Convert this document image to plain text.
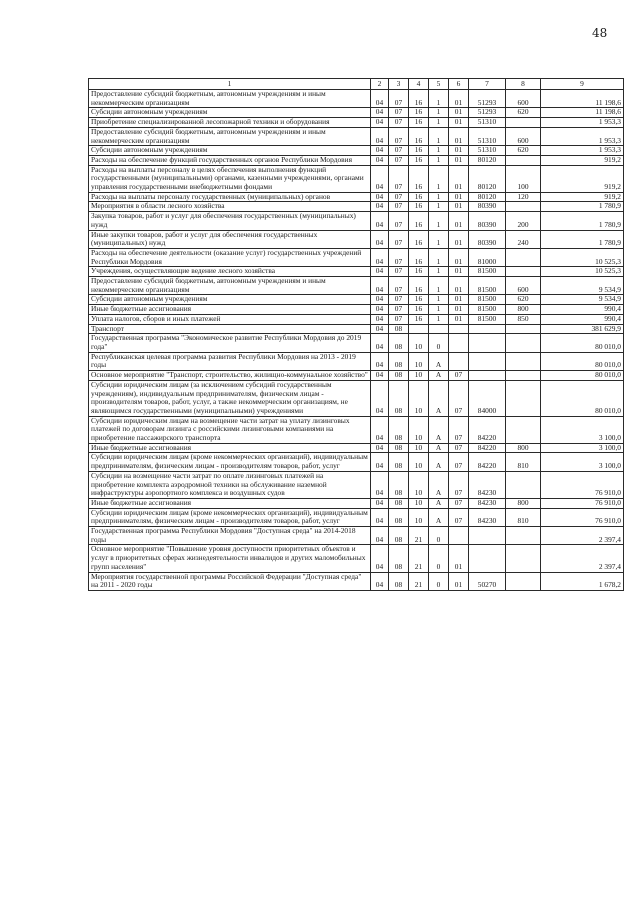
48
1	2	3	4	5	6	7	8	9
Предоставление субсидий бюджетным, автономным учреждениям и иным некоммерческим организациям	04	07	16	1	01	51293	600	11 198,6
Субсидии автономным учреждениям	04	07	16	1	01	51293	620	11 198,6
Приобретение специализированной лесопожарной техники и оборудования	04	07	16	1	01	51310		1 953,3
Предоставление субсидий бюджетным, автономным учреждениям и иным некоммерческим организациям	04	07	16	1	01	51310	600	1 953,3
Субсидии автономным учреждениям	04	07	16	1	01	51310	620	1 953,3
Расходы на обеспечение функций государственных органов Республики Мордовия	04	07	16	1	01	80120		919,2
Расходы на выплаты персоналу в целях обеспечения выполнения функций государственными (муниципальными) органами, казенными учреждениями, органами управления государственными внебюджетными фондами	04	07	16	1	01	80120	100	919,2
Расходы на выплаты персоналу государственных (муниципальных) органов	04	07	16	1	01	80120	120	919,2
Мероприятия в области лесного хозяйства	04	07	16	1	01	80390		1 780,9
Закупка товаров, работ и услуг для обеспечения государственных (муниципальных) нужд	04	07	16	1	01	80390	200	1 780,9
Иные закупки товаров, работ и услуг для обеспечения государственных (муниципальных) нужд	04	07	16	1	01	80390	240	1 780,9
Расходы на обеспечение деятельности (оказание услуг) государственных учреждений Республики Мордовия	04	07	16	1	01	81000		10 525,3
Учреждения, осуществляющие ведение лесного хозяйства	04	07	16	1	01	81500		10 525,3
Предоставление субсидий бюджетным, автономным учреждениям и иным некоммерческим организациям	04	07	16	1	01	81500	600	9 534,9
Субсидии автономным учреждениям	04	07	16	1	01	81500	620	9 534,9
Иные бюджетные ассигнования	04	07	16	1	01	81500	800	990,4
Уплата налогов, сборов и иных платежей	04	07	16	1	01	81500	850	990,4
Транспорт	04	08						381 629,9
Государственная программа "Экономическое развитие Республики Мордовия до 2019 года"	04	08	10	0				80 010,0
Республиканская целевая программа развития Республики Мордовия на 2013 - 2019 годы	04	08	10	А				80 010,0
Основное мероприятие "Транспорт, строительство, жилищно-коммунальное хозяйство"	04	08	10	А	07			80 010,0
Субсидии юридическим лицам (за исключением субсидий государственным учреждениям), индивидуальным предпринимателям, физическим лицам - производителям товаров, работ, услуг, а также некоммерческим организациям, не являющимся государственными (муниципальными) учреждениями	04	08	10	А	07	84000		80 010,0
Субсидии юридическим лицам на возмещение части затрат на уплату лизинговых платежей по договорам лизинга с российскими лизинговыми компаниями на приобретение пассажирского транспорта	04	08	10	А	07	84220		3 100,0
Иные бюджетные ассигнования	04	08	10	А	07	84220	800	3 100,0
Субсидии юридическим лицам (кроме некоммерческих организаций), индивидуальным предпринимателям, физическим лицам - производителям товаров, работ, услуг	04	08	10	А	07	84220	810	3 100,0
Субсидии на возмещение части затрат по оплате лизинговых платежей на приобретение комплекта аэродромной техники на обслуживание наземной инфраструктуры аэропортного комплекса и воздушных судов	04	08	10	А	07	84230		76 910,0
Иные бюджетные ассигнования	04	08	10	А	07	84230	800	76 910,0
Субсидии юридическим лицам (кроме некоммерческих организаций), индивидуальным предпринимателям, физическим лицам - производителям товаров, работ, услуг	04	08	10	А	07	84230	810	76 910,0
Государственная программа Республики Мордовия "Доступная среда" на 2014-2018 годы	04	08	21	0				2 397,4
Основное мероприятие "Повышение уровня доступности приоритетных объектов и услуг в приоритетных сферах жизнедеятельности инвалидов и других маломобильных групп населения"	04	08	21	0	01			2 397,4
Мероприятия государственной программы Российской Федерации "Доступная среда" на 2011 - 2020 годы	04	08	21	0	01	50270		1 678,2
